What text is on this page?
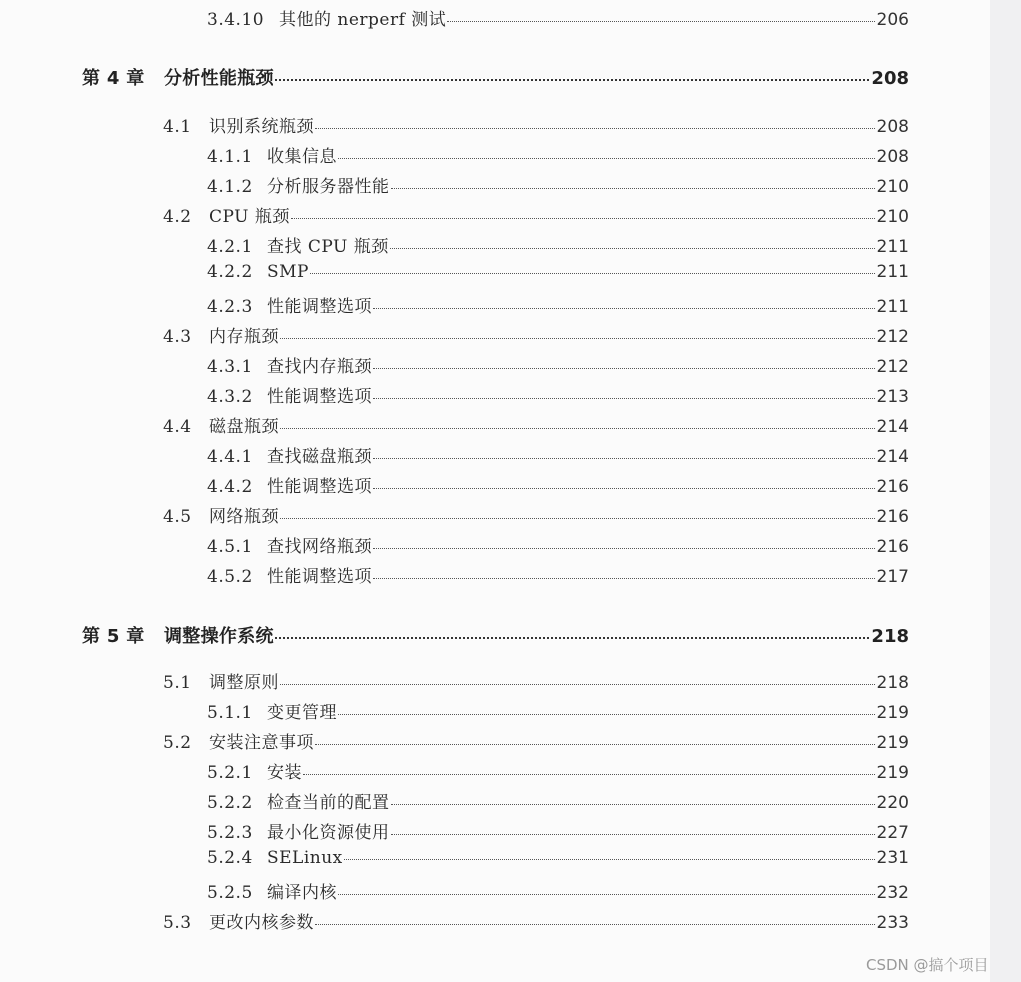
3.4.10 其他的 nerperf 测试	206
第 4 章	分析性能瓶颈	208
4.1	识别系统瓶颈	208
4.1.1 收集信息	208
4.1.2 分析服务器性能	210
4.2	CPU 瓶颈	210
4.2.1 查找 CPU 瓶颈	211
4.2.2 SMP	211
4.2.3 性能调整选项	211
4.3	内存瓶颈	212
4.3.1 查找内存瓶颈	212
4.3.2 性能调整选项	213
4.4	磁盘瓶颈	214
4.4.1 查找磁盘瓶颈	214
4.4.2 性能调整选项	216
4.5	网络瓶颈	216
4.5.1 查找网络瓶颈	216
4.5.2 性能调整选项	217
第 5 章	调整操作系统	218
5.1	调整原则	218
5.1.1 变更管理	219
5.2	安装注意事项	219
5.2.1 安装	219
5.2.2 检查当前的配置	220
5.2.3 最小化资源使用	227
5.2.4 SELinux	231
5.2.5 编译内核	232
5.3	更改内核参数	233
CSDN @搞个项目
